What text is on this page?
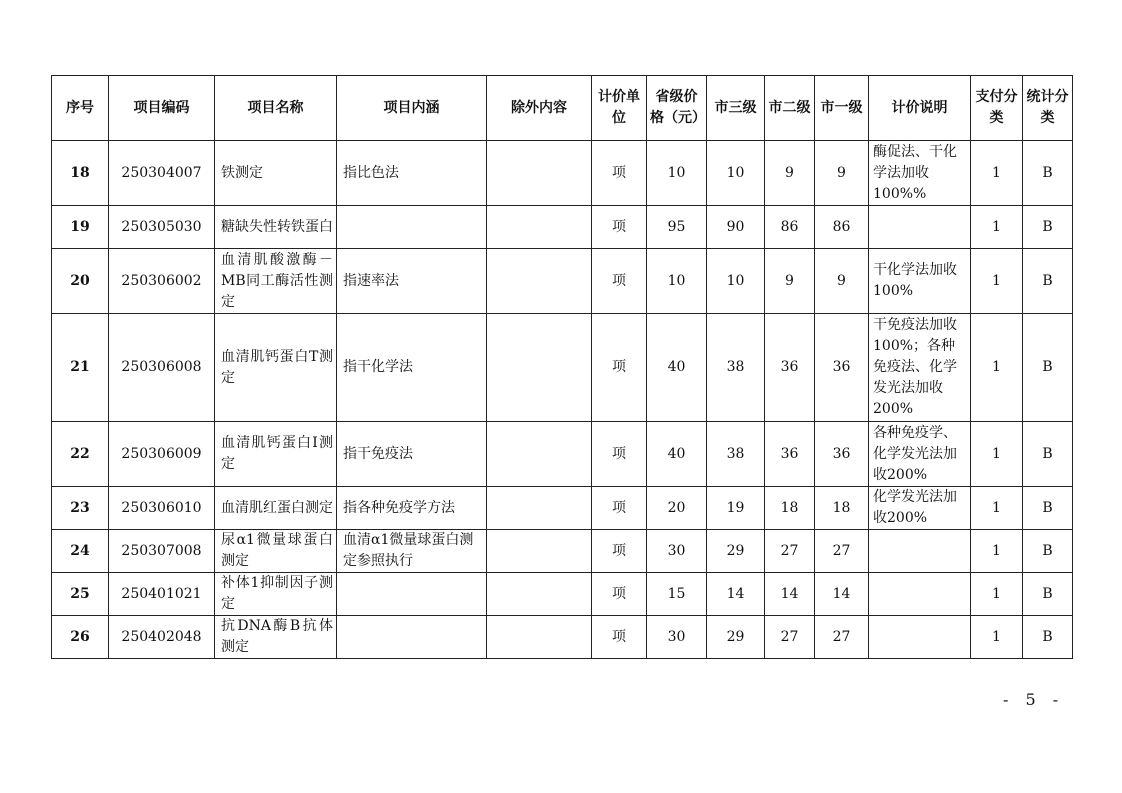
序号	项目编码	项目名称	项目内涵	除外内容	计价单位	省级价格（元）	市三级	市二级	市一级	计价说明	支付分类	统计分类
18	250304007	铁测定	指比色法		项	10	10	9	9	酶促法、干化学法加收100%%	1	B
19	250305030	糖缺失性转铁蛋白			项	95	90	86	86		1	B
20	250306002	血清肌酸激酶－MB同工酶活性测定	指速率法		项	10	10	9	9	干化学法加收100%	1	B
21	250306008	血清肌钙蛋白T测定	指干化学法		项	40	38	36	36	干免疫法加收100%；各种免疫法、化学发光法加收200%	1	B
22	250306009	血清肌钙蛋白Ⅰ测定	指干免疫法		项	40	38	36	36	各种免疫学、化学发光法加收200%	1	B
23	250306010	血清肌红蛋白测定	指各种免疫学方法		项	20	19	18	18	化学发光法加收200%	1	B
24	250307008	尿α1微量球蛋白测定	血清α1微量球蛋白测定参照执行		项	30	29	27	27		1	B
25	250401021	补体1抑制因子测定			项	15	14	14	14		1	B
26	250402048	抗DNA酶B抗体测定			项	30	29	27	27		1	B
- 5 -
